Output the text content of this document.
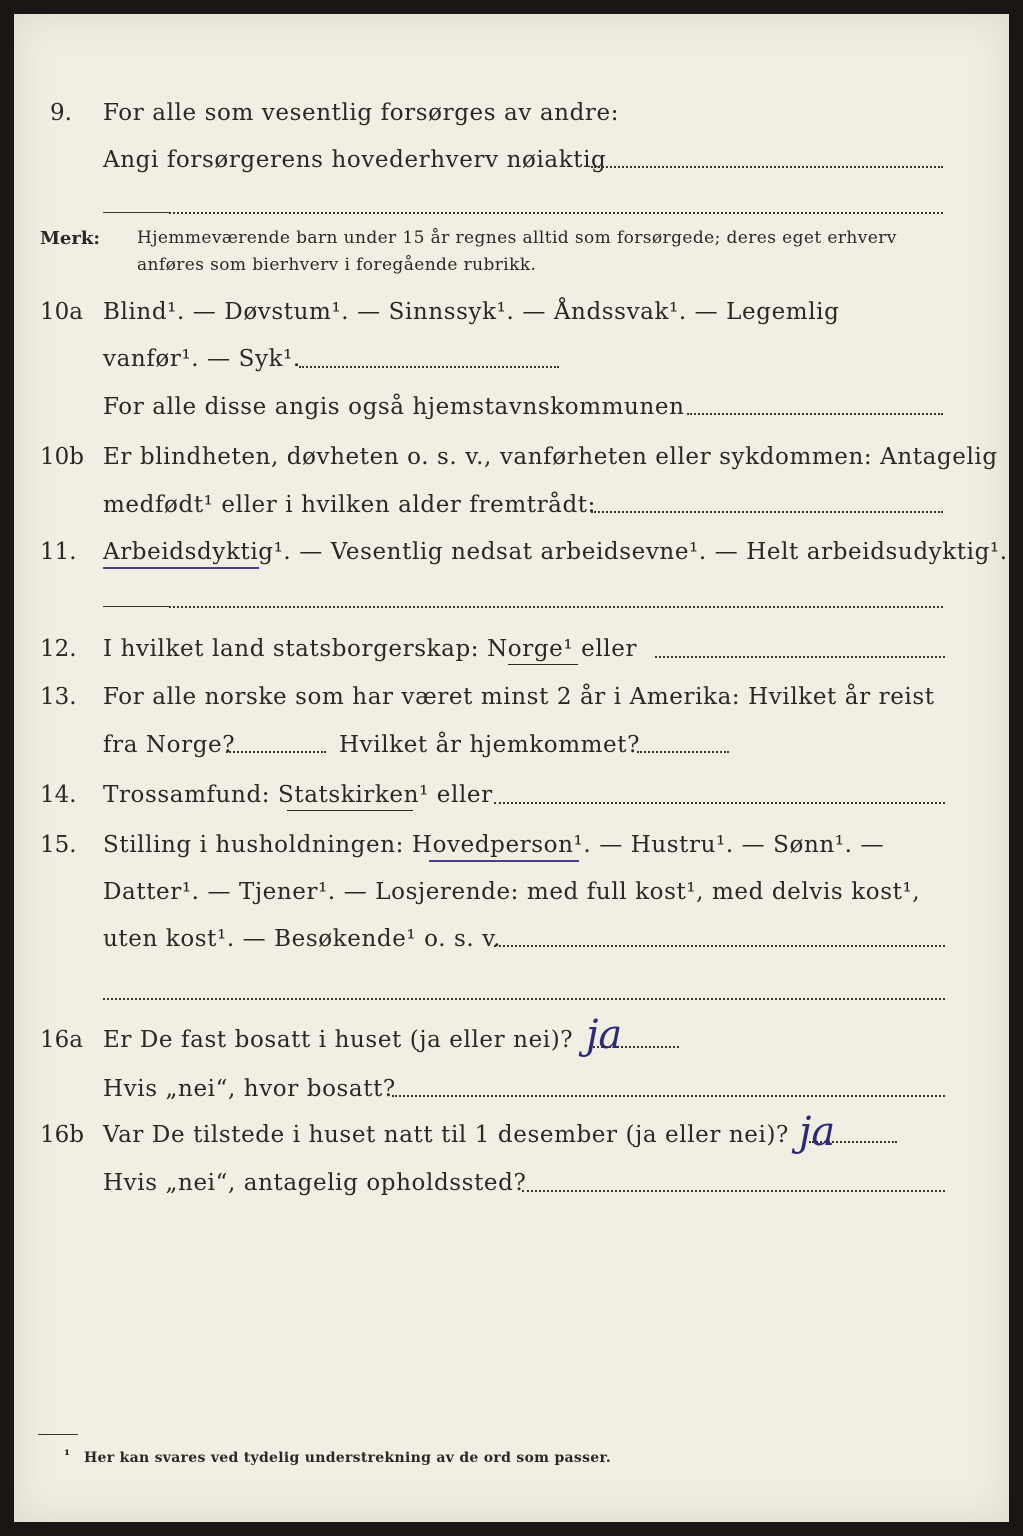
9. For alle som vesentlig forsørges av andre:
Angi forsørgerens hovederhverv nøiaktig
Merk: Hjemmeværende barn under 15 år regnes alltid som forsørgede; deres eget erhverv
anføres som bierhverv i foregående rubrikk.
10a Blind¹. — Døvstum¹. — Sinnssyk¹. — Åndssvak¹. — Legemlig
vanfør¹. — Syk¹.
For alle disse angis også hjemstavnskommunen
10b Er blindheten, døvheten o. s. v., vanførheten eller sykdommen: Antagelig
medfødt¹ eller i hvilken alder fremtrådt:
11. Arbeidsdyktig¹. — Vesentlig nedsat arbeidsevne¹. — Helt arbeidsudyktig¹.
12. I hvilket land statsborgerskap: Norge¹ eller
13. For alle norske som har været minst 2 år i Amerika: Hvilket år reist
fra Norge?	Hvilket år hjemkommet?
14. Trossamfund: Statskirken¹ eller
15. Stilling i husholdningen: Hovedperson¹. — Hustru¹. — Sønn¹. —
Datter¹. — Tjener¹. — Losjerende: med full kost¹, med delvis kost¹,
uten kost¹. — Besøkende¹ o. s. v.
16a Er De fast bosatt i huset (ja eller nei)? ja
Hvis „nei“, hvor bosatt?
16b Var De tilstede i huset natt til 1 desember (ja eller nei)? ja
Hvis „nei“, antagelig opholdssted?
¹ Her kan svares ved tydelig understrekning av de ord som passer.
